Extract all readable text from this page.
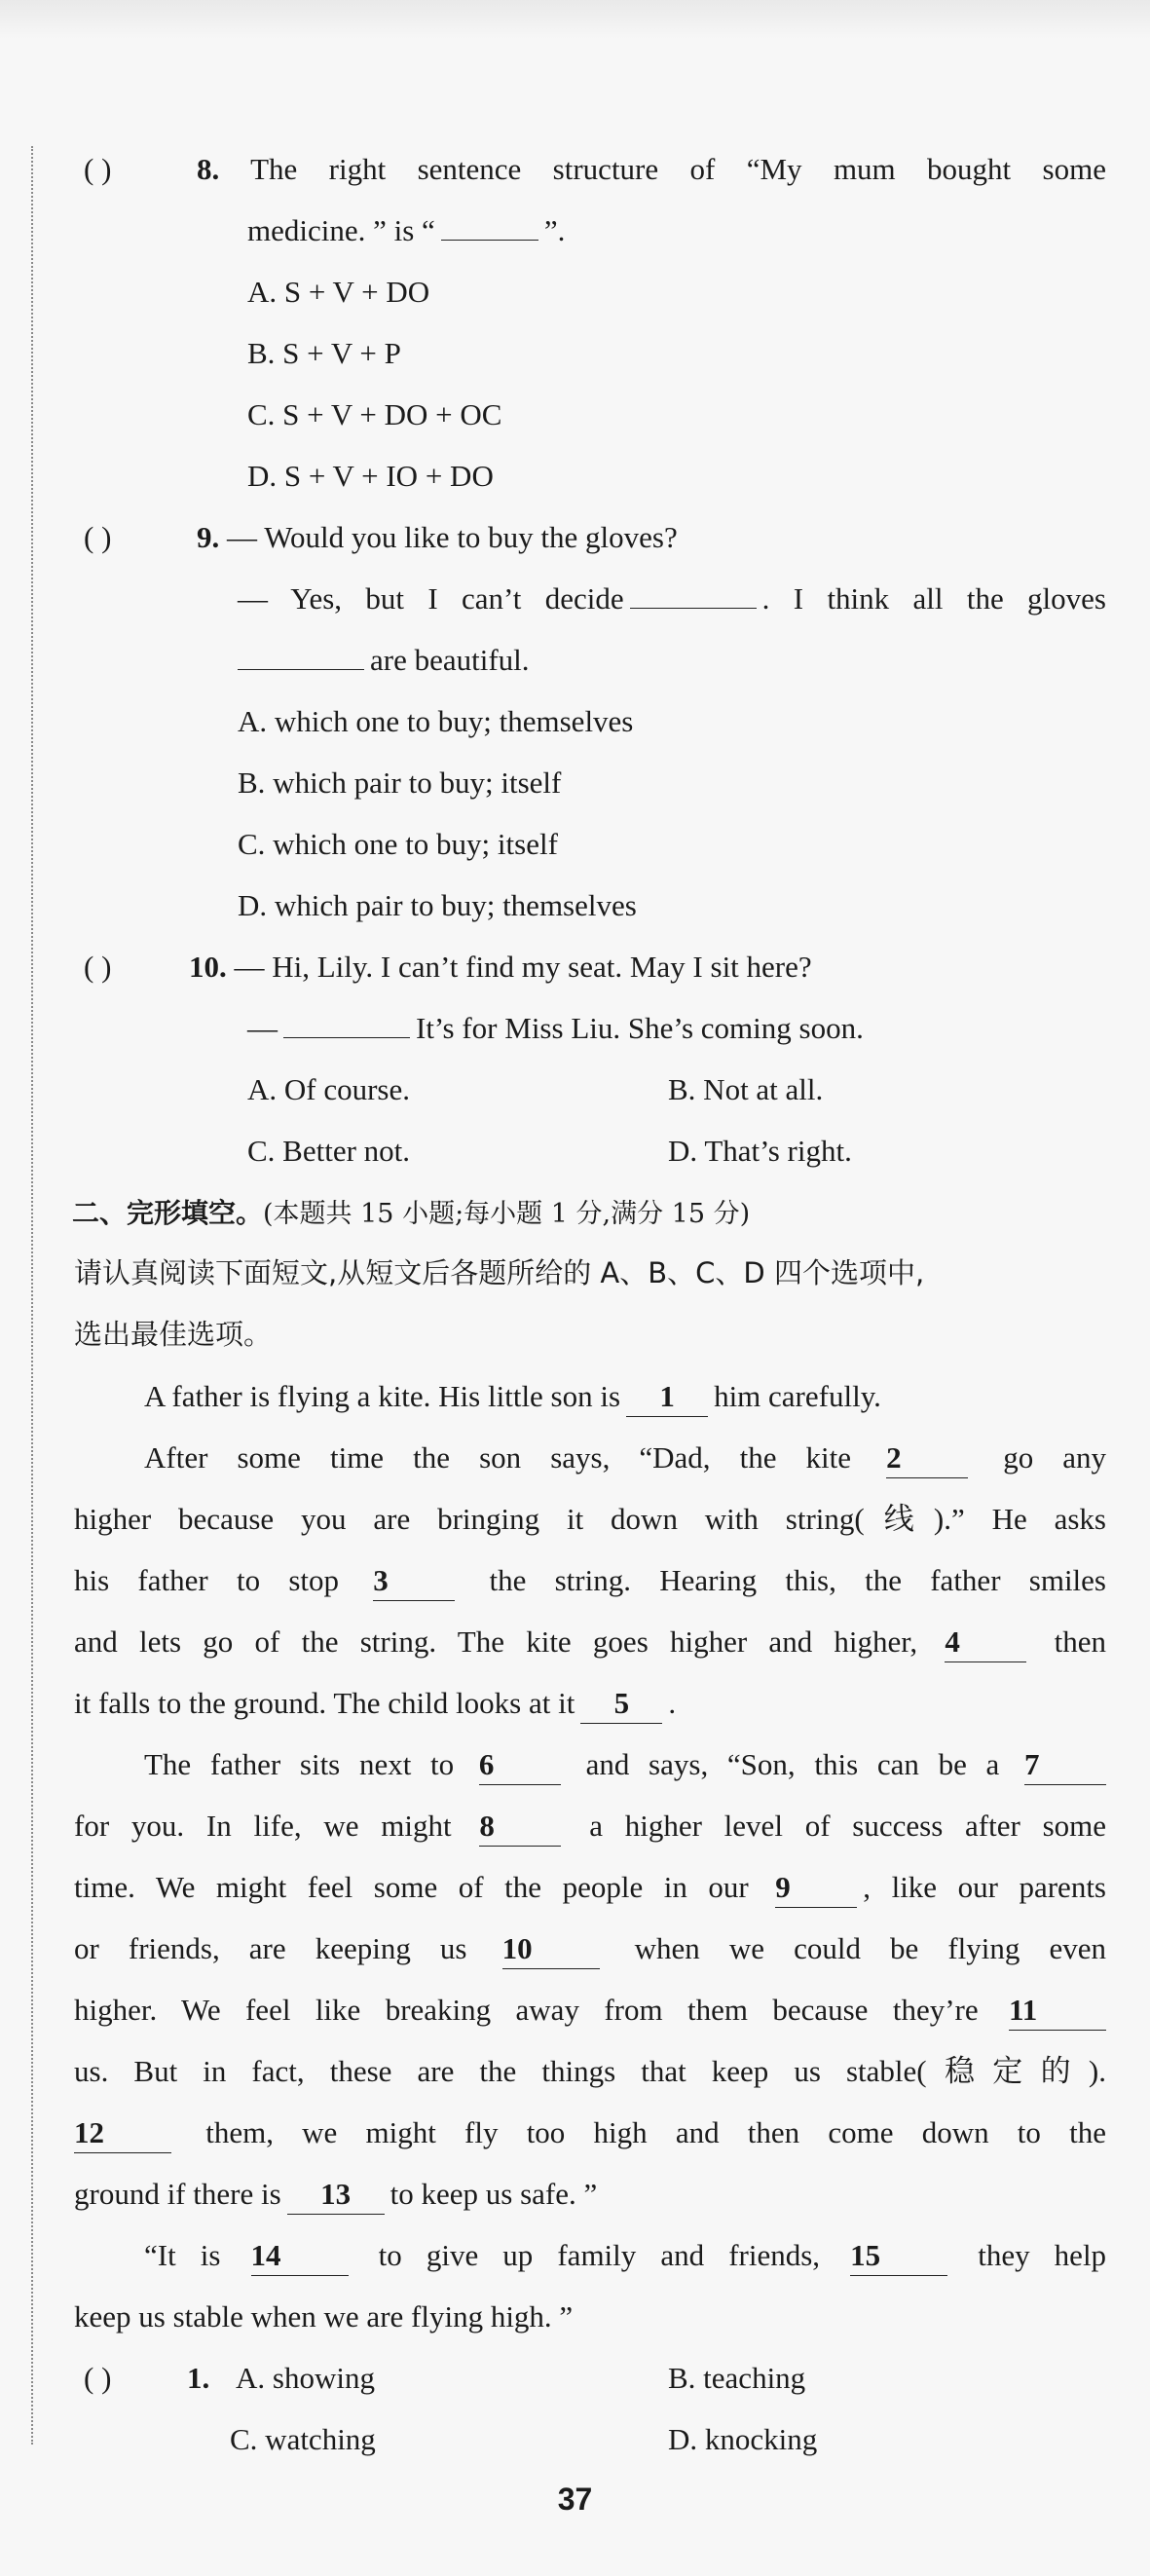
( )	8. The right sentence structure of “My mum bought some
medicine. ” is “	”.
A. S + V + DO
B. S + V + P
C. S + V + DO + OC
D. S + V + IO + DO
( )	9. — Would you like to buy the gloves?
— Yes, but I can’t decide	. I think all the gloves
are beautiful.
A. which one to buy; themselves
B. which pair to buy; itself
C. which one to buy; itself
D. which pair to buy; themselves
( )	10. — Hi, Lily. I can’t find my seat. May I sit here?
—	It’s for Miss Liu. She’s coming soon.
A. Of course.	B. Not at all.
C. Better not.	D. That’s right.
二、完形填空。(本题共 15 小题;每小题 1 分,满分 15 分)
请认真阅读下面短文,从短文后各题所给的 A、B、C、D 四个选项中,
选出最佳选项。
A father is flying a kite. His little son is 1 him carefully.
After some time the son says, “Dad, the kite 2	go any
higher because you are bringing it down with string(线).” He asks
his father to stop 3	the string. Hearing this, the father smiles
and lets go of the string. The kite goes higher and higher, 4	then
it falls to the ground. The child looks at it 5 .
The father sits next to 6	and says, “Son, this can be a 7
for you. In life, we might 8	a higher level of success after some
time. We might feel some of the people in our 9 , like our parents
or friends, are keeping us 10	when we could be flying even
higher. We feel like breaking away from them because they’re 11
us. But in fact, these are the things that keep us stable(稳定的).
12	them, we might fly too high and then come down to the
ground if there is 13 to keep us safe. ”
“It is 14	to give up family and friends, 15	they help
keep us stable when we are flying high. ”
( )	1. A. showing	B. teaching
C. watching	D. knocking
37
